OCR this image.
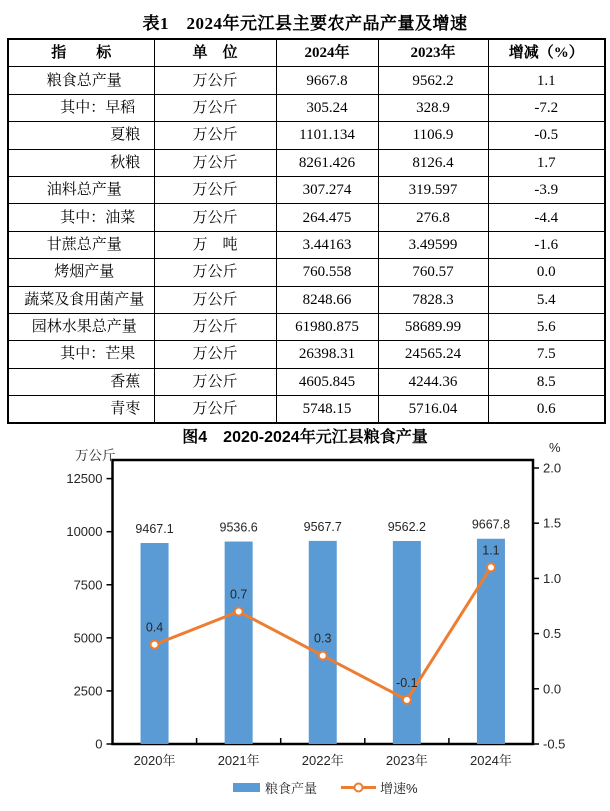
表1　2024年元江县主要农产品产量及增速
指　　标	单　位	2024年	2023年	增减（%）
粮食总产量	万公斤	9667.8	9562.2	1.1
其中：早稻	万公斤	305.24	328.9	-7.2
夏粮	万公斤	1101.134	1106.9	-0.5
秋粮	万公斤	8261.426	8126.4	1.7
油料总产量	万公斤	307.274	319.597	-3.9
其中：油菜	万公斤	264.475	276.8	-4.4
甘蔗总产量	万　吨	3.44163	3.49599	-1.6
烤烟产量	万公斤	760.558	760.57	0.0
蔬菜及食用菌产量	万公斤	8248.66	7828.3	5.4
园林水果总产量	万公斤	61980.875	58689.99	5.6
其中：芒果	万公斤	26398.31	24565.24	7.5
香蕉	万公斤	4605.845	4244.36	8.5
青枣	万公斤	5748.15	5716.04	0.6
图4　2020-2024年元江县粮食产量
万公斤
%
0
2500
5000
7500
10000
12500
-0.5
0.0
0.5
1.0
1.5
2.0
2020年	2021年	2022年	2023年	2024年
9467.1	9536.6	9567.7	9562.2	9667.8
0.4
0.7
0.3
-0.1
1.1
粮食产量	增速%
